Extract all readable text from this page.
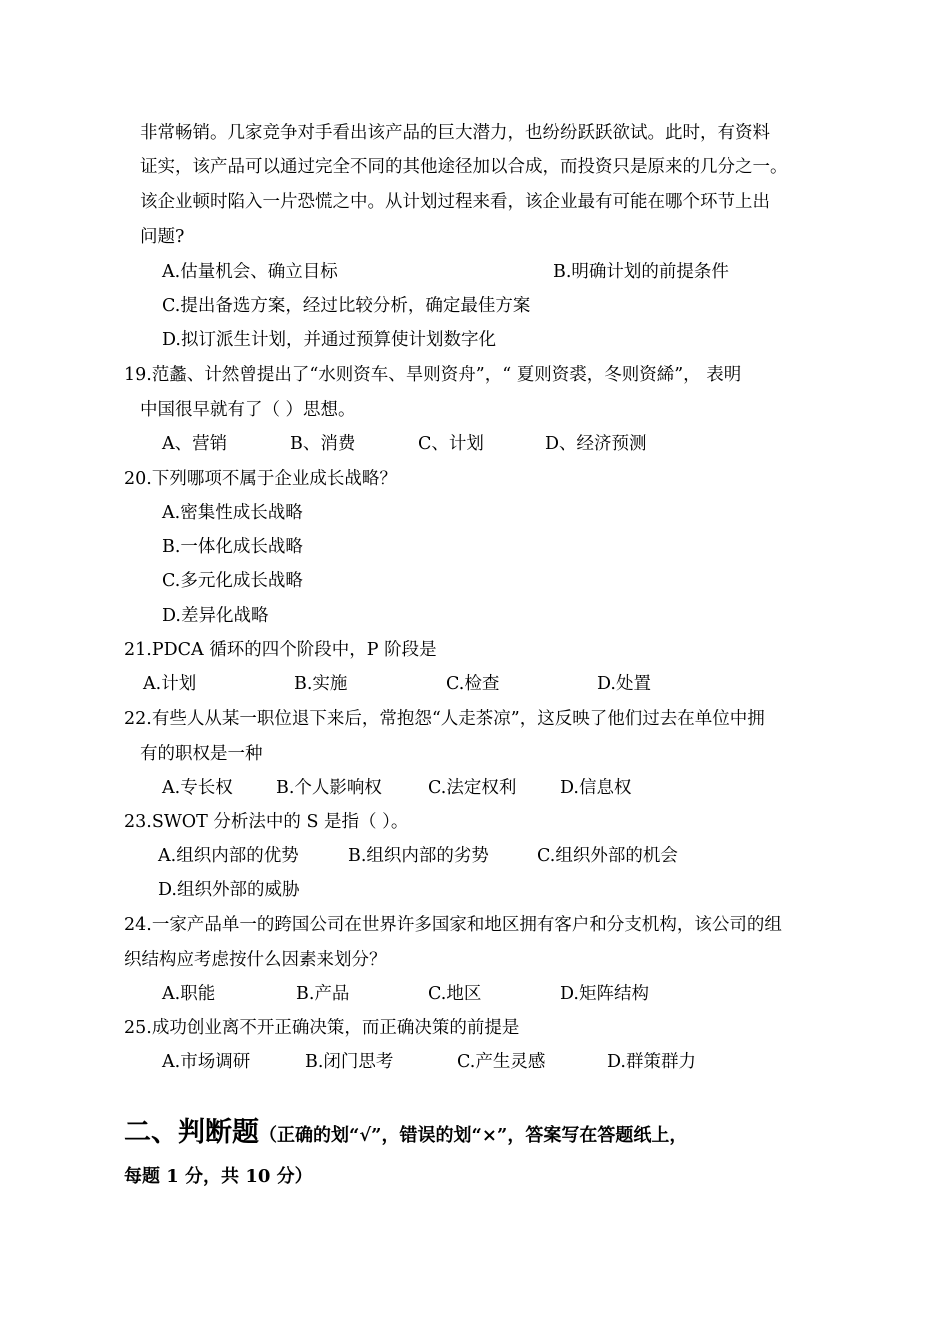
非常畅销。几家竞争对手看出该产品的巨大潜力，也纷纷跃跃欲试。此时，有资料
证实，该产品可以通过完全不同的其他途径加以合成，而投资只是原来的几分之一。
该企业顿时陷入一片恐慌之中。从计划过程来看，该企业最有可能在哪个环节上出
问题?
A.估量机会、确立目标	B.明确计划的前提条件
C.提出备选方案，经过比较分析，确定最佳方案
D.拟订派生计划，并通过预算使计划数字化
19.范蠡、计然曾提出了“水则资车、旱则资舟”，“ 夏则资裘，冬则资絺”， 表明
中国很早就有了（ ）思想。
A、营销	B、消费	C、计划	D、经济预测
20.下列哪项不属于企业成长战略？
A.密集性成长战略
B.一体化成长战略
C.多元化成长战略
D.差异化战略
21.PDCA 循环的四个阶段中，P 阶段是
A.计划	B.实施	C.检查	D.处置
22.有些人从某一职位退下来后，常抱怨“人走茶凉”，这反映了他们过去在单位中拥
有的职权是一种
A.专长权 B.个人影响权	C.法定权利 D.信息权
23.SWOT 分析法中的 S 是指（ ）。
A.组织内部的优势	B.组织内部的劣势	C.组织外部的机会
D.组织外部的威胁
24.一家产品单一的跨国公司在世界许多国家和地区拥有客户和分支机构，该公司的组
织结构应考虑按什么因素来划分？
A.职能	B.产品	C.地区	D.矩阵结构
25.成功创业离不开正确决策，而正确决策的前提是
A.市场调研	B.闭门思考	C.产生灵感	D.群策群力
二、判断题（正确的划“√”，错误的划“×”，答案写在答题纸上，
每题 1 分，共 10 分）
